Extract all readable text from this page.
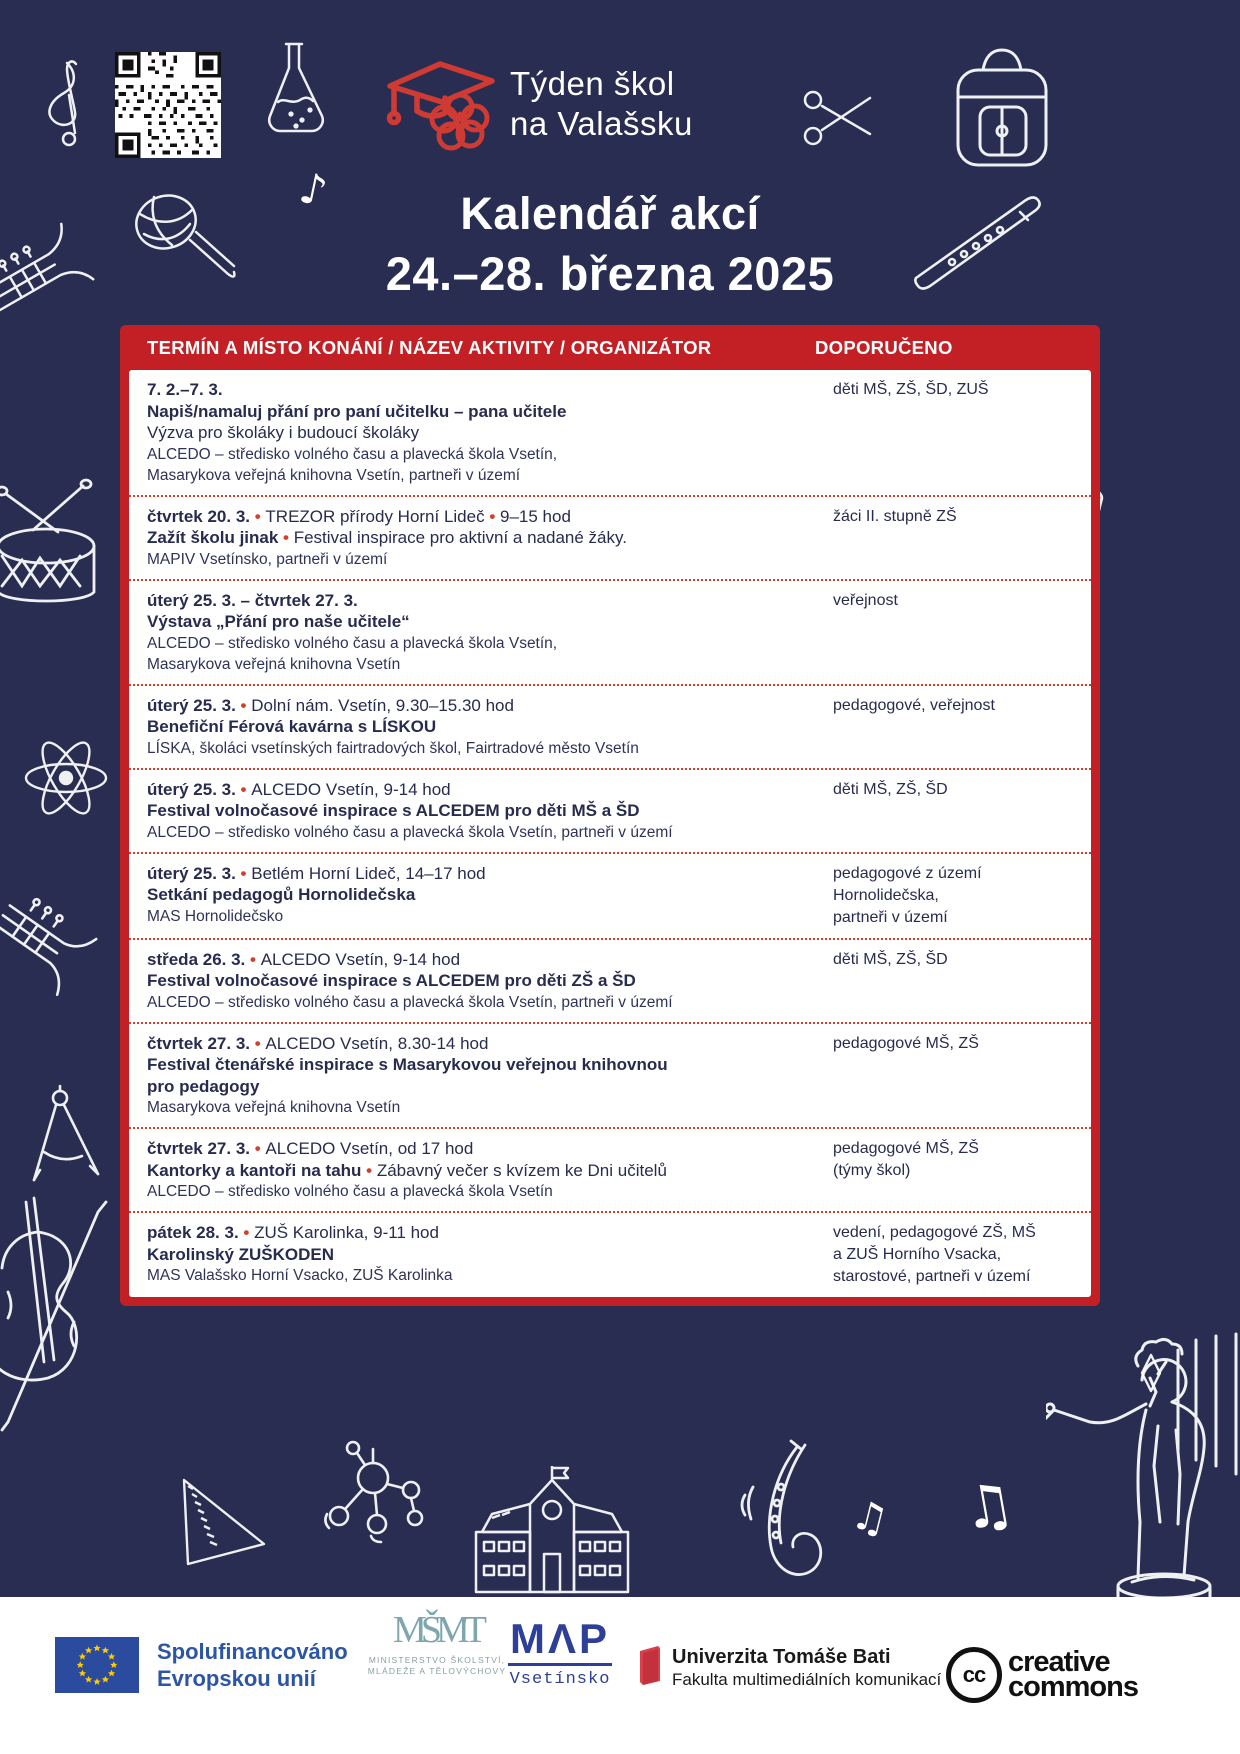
♪
♫
♫
Týden škol
na Valašsku
Kalendář akcí
24.–28. března 2025
TERMÍN A MÍSTO KONÁNÍ / NÁZEV AKTIVITY / ORGANIZÁTOR	DOPORUČENO
7. 2.–7. 3.
Napiš/namaluj přání pro paní učitelku – pana učitele
Výzva pro školáky i budoucí školáky
ALCEDO – středisko volného času a plavecká škola Vsetín,
Masarykova veřejná knihovna Vsetín, partneři v území
děti MŠ, ZŠ, ŠD, ZUŠ
čtvrtek 20. 3. • TREZOR přírody Horní Lideč • 9–15 hod
Zažít školu jinak • Festival inspirace pro aktivní a nadané žáky.
MAPIV Vsetínsko, partneři v území
žáci II. stupně ZŠ
úterý 25. 3. – čtvrtek 27. 3.
Výstava „Přání pro naše učitele“
ALCEDO – středisko volného času a plavecká škola Vsetín,
Masarykova veřejná knihovna Vsetín
veřejnost
úterý 25. 3. • Dolní nám. Vsetín, 9.30–15.30 hod
Benefiční Férová kavárna s LÍSKOU
LÍSKA, školáci vsetínských fairtradových škol, Fairtradové město Vsetín
pedagogové, veřejnost
úterý 25. 3. • ALCEDO Vsetín, 9-14 hod
Festival volnočasové inspirace s ALCEDEM pro děti MŠ a ŠD
ALCEDO – středisko volného času a plavecká škola Vsetín, partneři v území
děti MŠ, ZŠ, ŠD
úterý 25. 3. • Betlém Horní Lideč, 14–17 hod
Setkání pedagogů Hornolidečska
MAS Hornolidečsko
pedagogové z území
Hornolidečska,
partneři v území
středa 26. 3. • ALCEDO Vsetín, 9-14 hod
Festival volnočasové inspirace s ALCEDEM pro děti ZŠ a ŠD
ALCEDO – středisko volného času a plavecká škola Vsetín, partneři v území
děti MŠ, ZŠ, ŠD
čtvrtek 27. 3. • ALCEDO Vsetín, 8.30-14 hod
Festival čtenářské inspirace s Masarykovou veřejnou knihovnou
pro pedagogy
Masarykova veřejná knihovna Vsetín
pedagogové MŠ, ZŠ
čtvrtek 27. 3. • ALCEDO Vsetín, od 17 hod
Kantorky a kantoři na tahu • Zábavný večer s kvízem ke Dni učitelů
ALCEDO – středisko volného času a plavecká škola Vsetín
pedagogové MŠ, ZŠ
(týmy škol)
pátek 28. 3. • ZUŠ Karolinka, 9-11 hod
Karolinský ZUŠKODEN
MAS Valašsko Horní Vsacko, ZUŠ Karolinka
vedení, pedagogové ZŠ, MŠ
a ZUŠ Horního Vsacka,
starostové, partneři v území
Spolufinancováno
Evropskou unií
MŠMT
MINISTERSTVO ŠKOLSTVÍ,
MLÁDEŽE A TĚLOVÝCHOVY
MΛP
Vsetínsko
Univerzita Tomáše Bati
Fakulta multimediálních komunikací cc creative
commons
